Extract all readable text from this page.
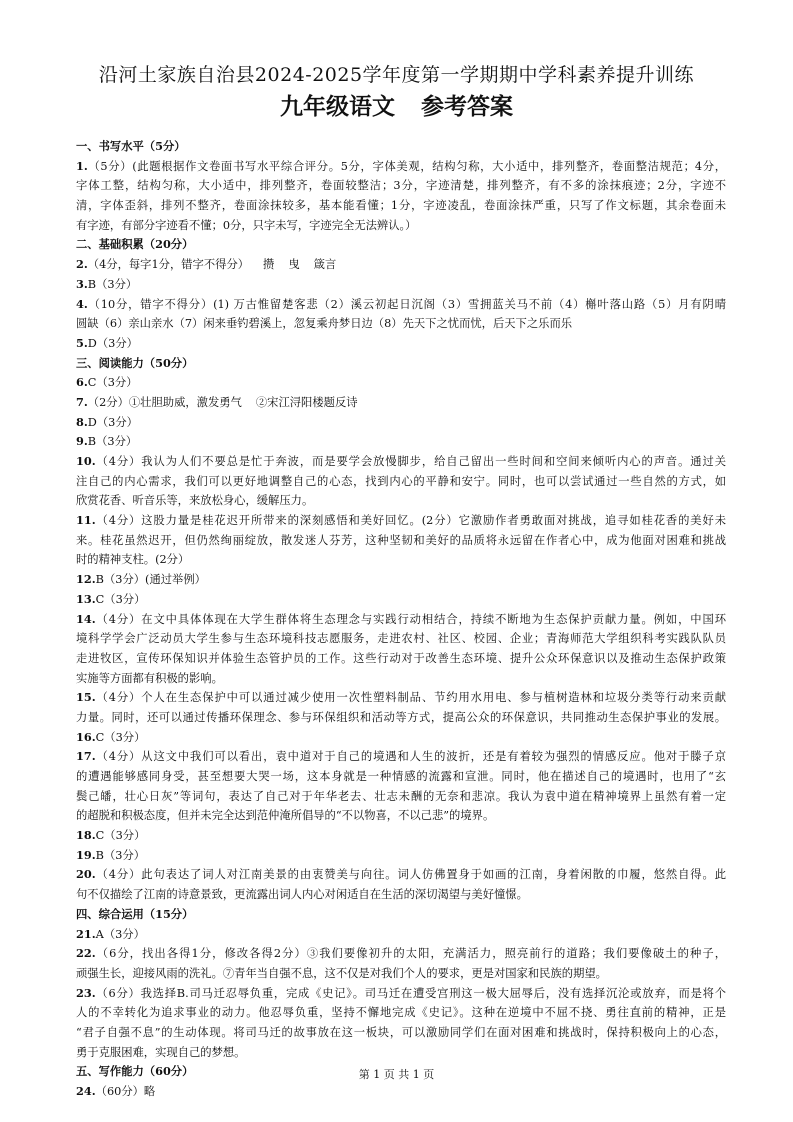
沿河土家族自治县2024-2025学年度第一学期期中学科素养提升训练
九年级语文 参考答案
一、书写水平（5分）
1.（5分）(此题根据作文卷面书写水平综合评分。5分，字体美观，结构匀称，大小适中，排列整齐，卷面整洁规范；4分，
字体工整，结构匀称，大小适中，排列整齐，卷面较整洁；3分，字迹清楚，排列整齐，有不多的涂抹痕迹；2分，字迹不
清，字体歪斜，排列不整齐，卷面涂抹较多，基本能看懂；1分，字迹凌乱，卷面涂抹严重，只写了作文标题，其余卷面未
有字迹，有部分字迹看不懂；0分，只字未写，字迹完全无法辨认。）
二、基础积累（20分）
2.（4分，每字1分，错字不得分） 攒 曳 箴言
3.B（3分）
4.（10分，错字不得分）(1) 万古惟留楚客悲（2）溪云初起日沉阁（3）雪拥蓝关马不前（4）槲叶落山路（5）月有阴晴
圆缺（6）亲山亲水（7）闲来垂钓碧溪上，忽复乘舟梦日边（8）先天下之忧而忧，后天下之乐而乐
5.D（3分）
三、阅读能力（50分）
6.C（3分）
7.（2分）①壮胆助威，激发勇气 ②宋江浔阳楼题反诗
8.D（3分）
9.B（3分）
10.（4分）我认为人们不要总是忙于奔波，而是要学会放慢脚步，给自己留出一些时间和空间来倾听内心的声音。通过关
注自己的内心需求，我们可以更好地调整自己的心态，找到内心的平静和安宁。同时，也可以尝试通过一些自然的方式，如
欣赏花香、听音乐等，来放松身心，缓解压力。
11.（4分）这股力量是桂花迟开所带来的深刻感悟和美好回忆。(2分）它激励作者勇敢面对挑战，追寻如桂花香的美好未
来。桂花虽然迟开，但仍然绚丽绽放，散发迷人芬芳，这种坚韧和美好的品质将永远留在作者心中，成为他面对困难和挑战
时的精神支柱。(2分）
12.B（3分）(通过举例）
13.C（3分）
14.（4分）在文中具体体现在大学生群体将生态理念与实践行动相结合，持续不断地为生态保护贡献力量。例如，中国环
境科学学会广泛动员大学生参与生态环境科技志愿服务，走进农村、社区、校园、企业；青海师范大学组织科考实践队队员
走进牧区，宣传环保知识并体验生态管护员的工作。这些行动对于改善生态环境、提升公众环保意识以及推动生态保护政策
实施等方面都有积极的影响。
15.（4分）个人在生态保护中可以通过减少使用一次性塑料制品、节约用水用电、参与植树造林和垃圾分类等行动来贡献
力量。同时，还可以通过传播环保理念、参与环保组织和活动等方式，提高公众的环保意识，共同推动生态保护事业的发展。
16.C（3分）
17.（4分）从这文中我们可以看出，袁中道对于自己的境遇和人生的波折，还是有着较为强烈的情感反应。他对于滕子京
的遭遇能够感同身受，甚至想要大哭一场，这本身就是一种情感的流露和宣泄。同时，他在描述自己的境遇时，也用了“玄
鬓己皤，壮心日灰”等词句，表达了自己对于年华老去、壮志未酬的无奈和悲凉。我认为袁中道在精神境界上虽然有着一定
的超脱和积极态度，但并未完全达到范仲淹所倡导的“不以物喜，不以己悲”的境界。
18.C（3分）
19.B（3分）
20.（4分）此句表达了词人对江南美景的由衷赞美与向往。词人仿佛置身于如画的江南，身着闲散的巾履，悠然自得。此
句不仅描绘了江南的诗意景致，更流露出词人内心对闲适自在生活的深切渴望与美好憧憬。
四、综合运用（15分）
21.A（3分）
22.（6分，找出各得1分，修改各得2分）③我们要像初升的太阳，充满活力，照亮前行的道路；我们要像破土的种子，
顽强生长，迎接风雨的洗礼。⑦青年当自强不息，这不仅是对我们个人的要求，更是对国家和民族的期望。
23.（6分）我选择B.司马迁忍辱负重，完成《史记》。司马迁在遭受宫刑这一极大屈辱后，没有选择沉沦或放弃，而是将个
人的不幸转化为追求事业的动力。他忍辱负重，坚持不懈地完成《史记》。这种在逆境中不屈不挠、勇往直前的精神，正是
“君子自强不息”的生动体现。将司马迁的故事放在这一板块，可以激励同学们在面对困难和挑战时，保持积极向上的心态，
勇于克服困难，实现自己的梦想。
五、写作能力（60分）
24.（60分）略
第 1 页 共 1 页
